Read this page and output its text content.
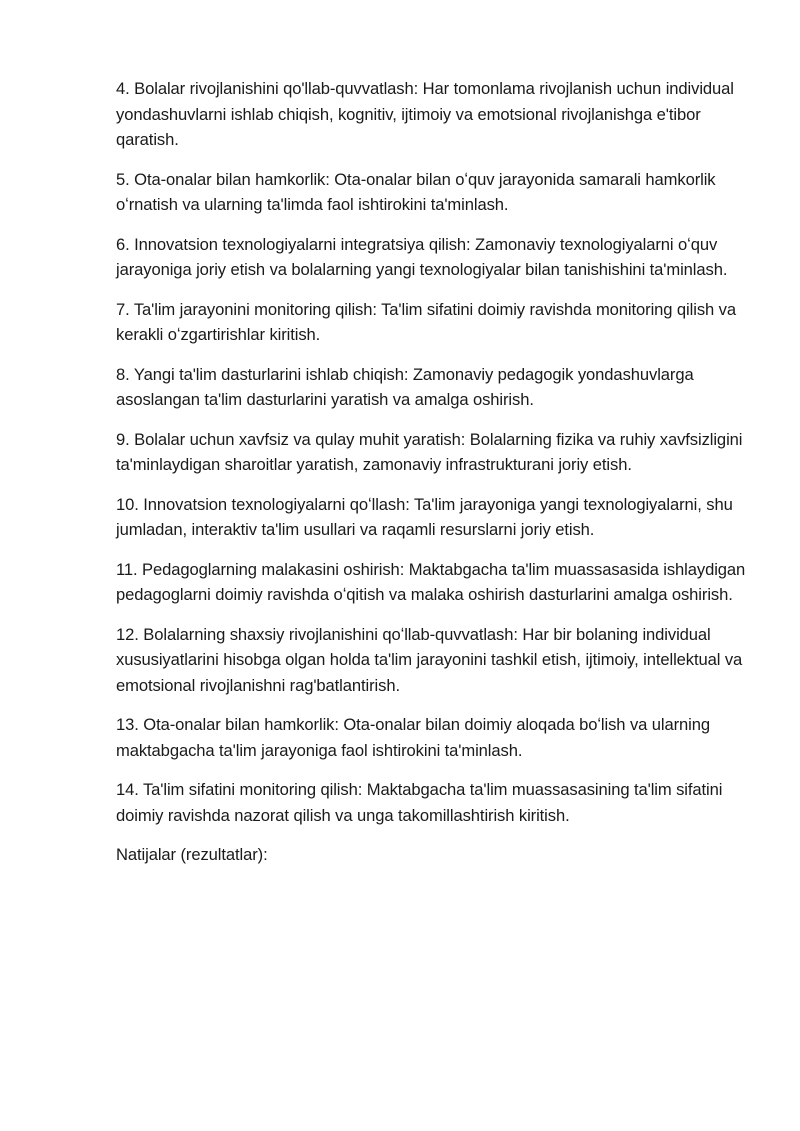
4. Bolalar rivojlanishini qo'llab-quvvatlash: Har tomonlama rivojlanish uchun individual yondashuvlarni ishlab chiqish, kognitiv, ijtimoiy va emotsional rivojlanishga e'tibor qaratish.

5. Ota-onalar bilan hamkorlik: Ota-onalar bilan oʻquv jarayonida samarali hamkorlik oʻrnatish va ularning ta'limda faol ishtirokini ta'minlash.

6. Innovatsion texnologiyalarni integratsiya qilish: Zamonaviy texnologiyalarni oʻquv jarayoniga joriy etish va bolalarning yangi texnologiyalar bilan tanishishini ta'minlash.

7. Ta'lim jarayonini monitoring qilish: Ta'lim sifatini doimiy ravishda monitoring qilish va kerakli oʻzgartirishlar kiritish.

8. Yangi ta'lim dasturlarini ishlab chiqish: Zamonaviy pedagogik yondashuvlarga asoslangan ta'lim dasturlarini yaratish va amalga oshirish.

9. Bolalar uchun xavfsiz va qulay muhit yaratish: Bolalarning fizika va ruhiy xavfsizligini ta'minlaydigan sharoitlar yaratish, zamonaviy infrastrukturani joriy etish.

10. Innovatsion texnologiyalarni qoʻllash: Ta'lim jarayoniga yangi texnologiyalarni, shu jumladan, interaktiv ta'lim usullari va raqamli resurslarni joriy etish.

11. Pedagoglarning malakasini oshirish: Maktabgacha ta'lim muassasasida ishlaydigan pedagoglarni doimiy ravishda oʻqitish va malaka oshirish dasturlarini amalga oshirish.

12. Bolalarning shaxsiy rivojlanishini qoʻllab-quvvatlash: Har bir bolaning individual xususiyatlarini hisobga olgan holda ta'lim jarayonini tashkil etish, ijtimoiy, intellektual va emotsional rivojlanishni rag'batlantirish.

13. Ota-onalar bilan hamkorlik: Ota-onalar bilan doimiy aloqada boʻlish va ularning maktabgacha ta'lim jarayoniga faol ishtirokini ta'minlash.

14. Ta'lim sifatini monitoring qilish: Maktabgacha ta'lim muassasasining ta'lim sifatini doimiy ravishda nazorat qilish va unga takomillashtirish kiritish.

Natijalar (rezultatlar):
